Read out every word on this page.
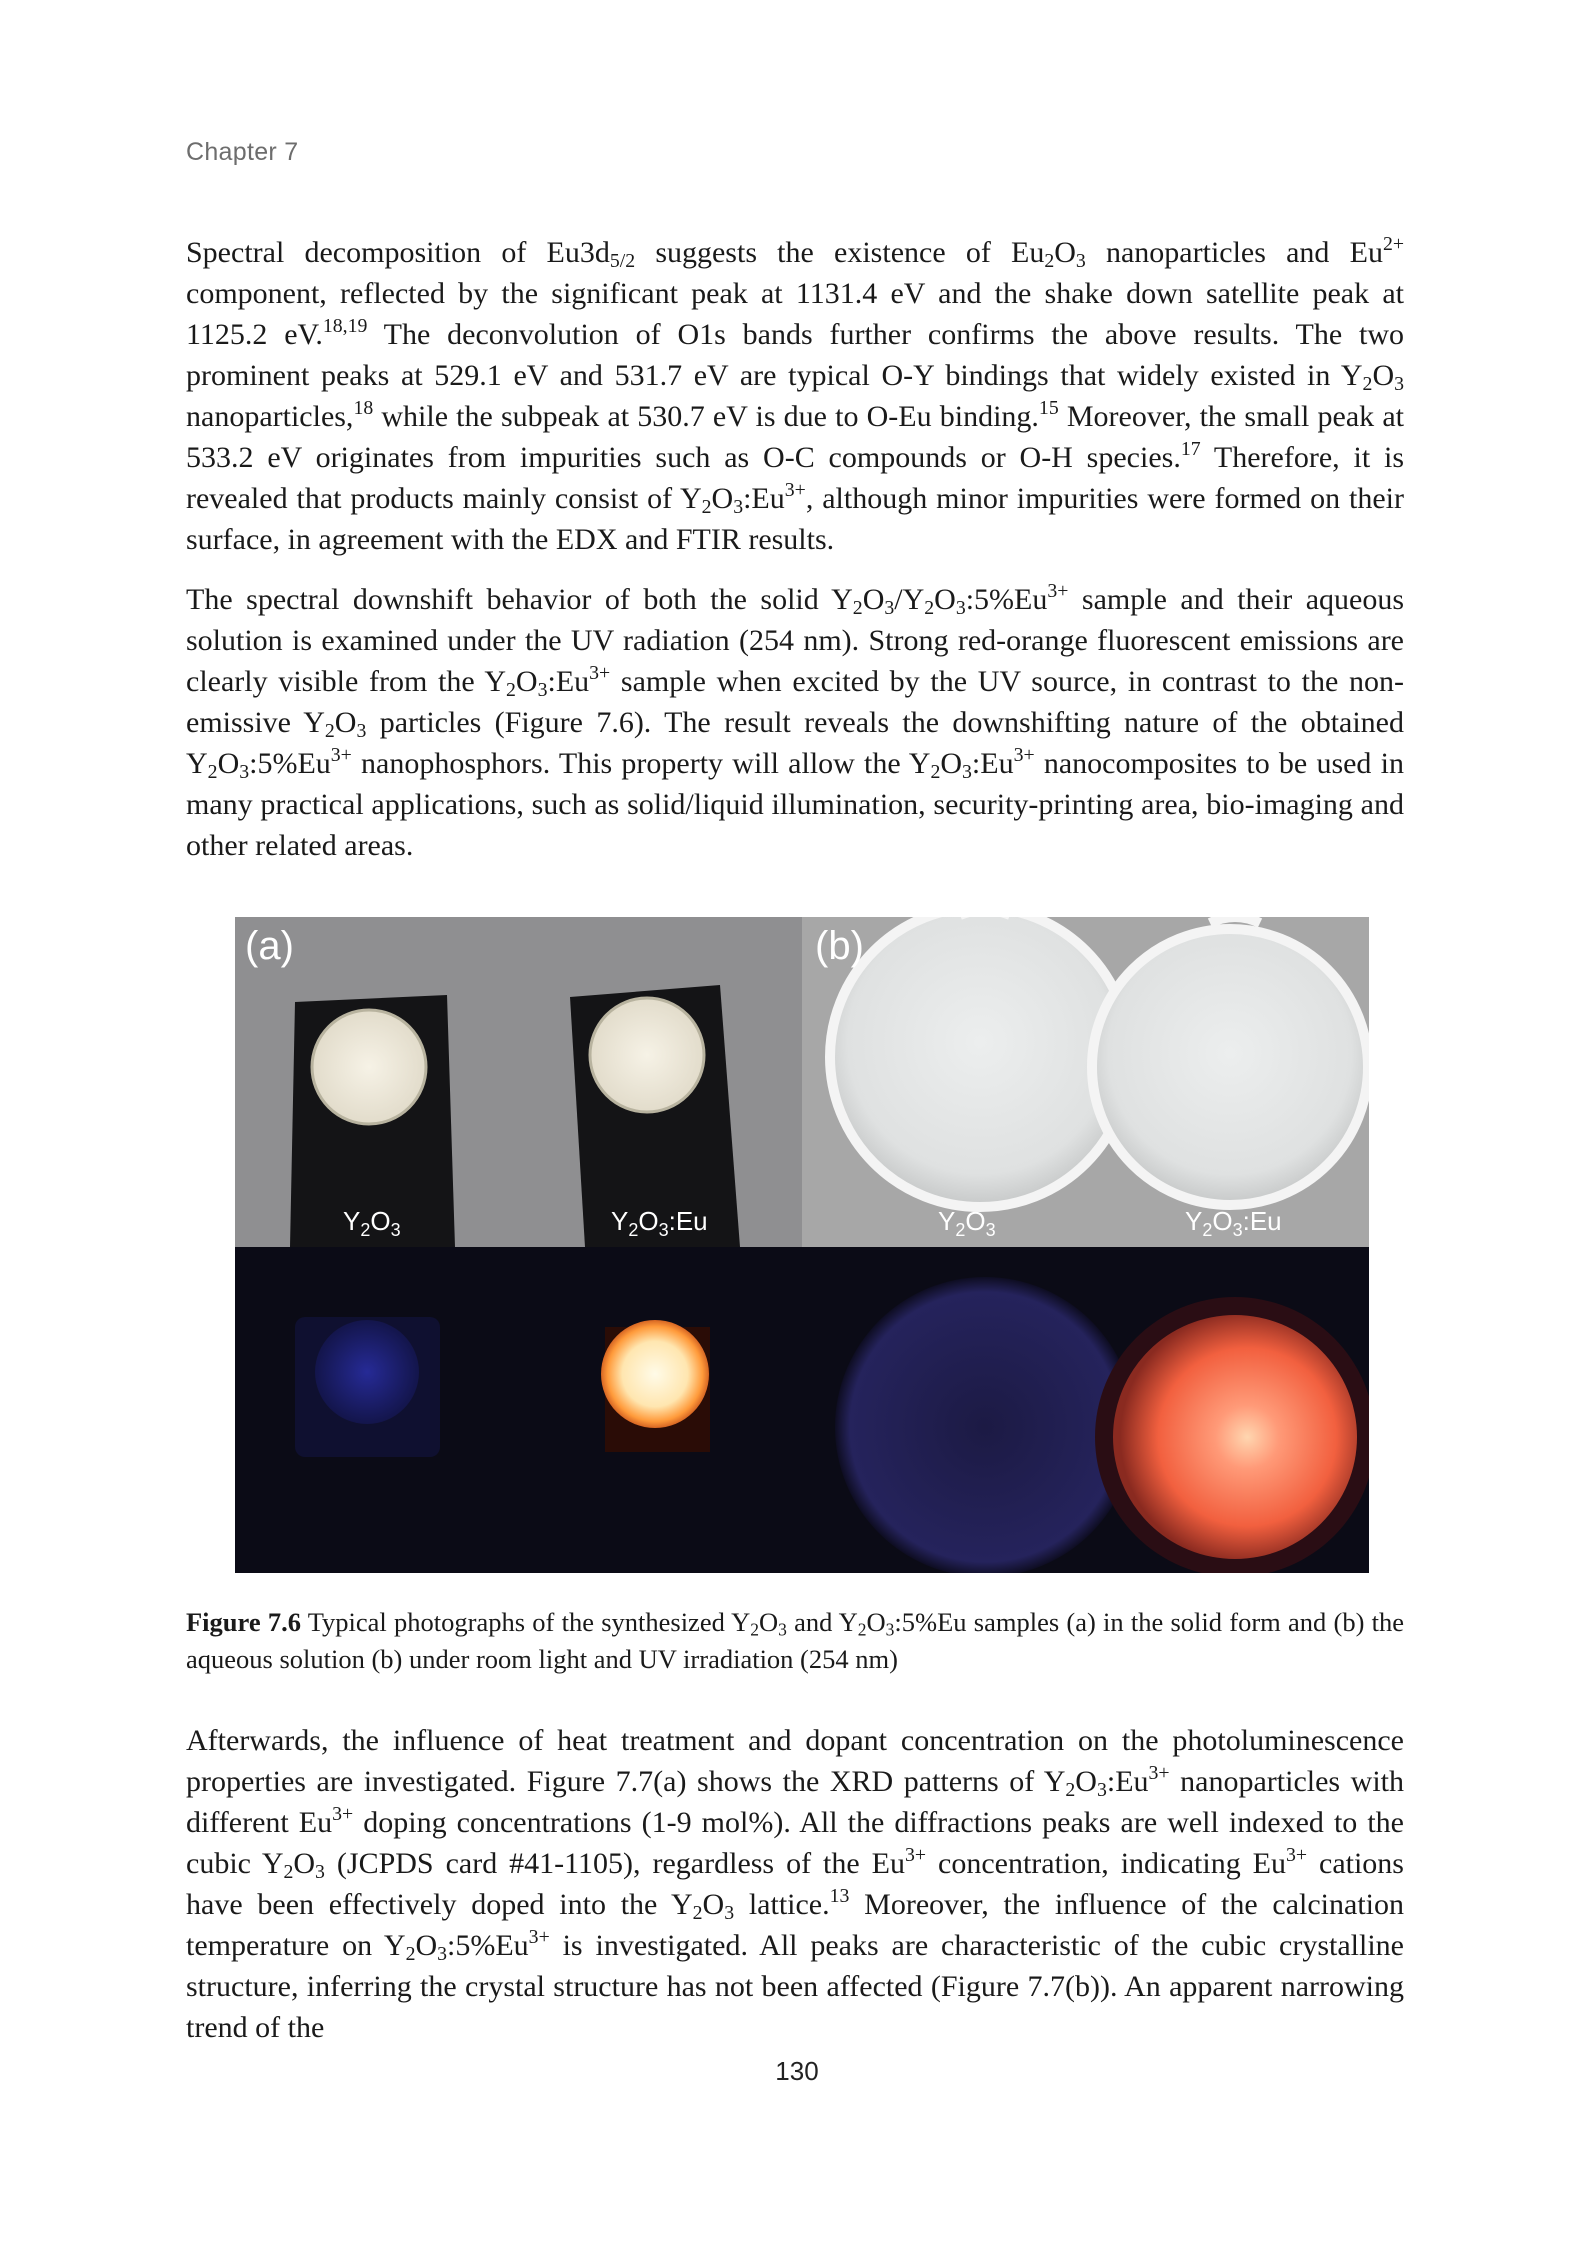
Chapter 7

Spectral decomposition of $Eu3d_{5/2}$ suggests the existence of $Eu_2O_3$ nanoparticles and $Eu^{2+}$ component, reflected by the significant peak at 1131.4 eV and the shake down satellite peak at 1125.2 eV.$^{18,19}$ The deconvolution of O1s bands further confirms the above results. The two prominent peaks at 529.1 eV and 531.7 eV are typical O-Y bindings that widely existed in $Y_2O_3$ nanoparticles,$^{18}$ while the subpeak at 530.7 eV is due to O-Eu binding.$^{15}$ Moreover, the small peak at 533.2 eV originates from impurities such as O-C compounds or O-H species.$^{17}$ Therefore, it is revealed that products mainly consist of $Y_2O_3:Eu^{3+}$, although minor impurities were formed on their surface, in agreement with the EDX and FTIR results.

The spectral downshift behavior of both the solid $Y_2O_3/Y_2O_3:5\%Eu^{3+}$ sample and their aqueous solution is examined under the UV radiation (254 nm). Strong red-orange fluorescent emissions are clearly visible from the $Y_2O_3:Eu^{3+}$ sample when excited by the UV source, in contrast to the non-emissive $Y_2O_3$ particles (Figure 7.6). The result reveals the downshifting nature of the obtained $Y_2O_3:5\%Eu^{3+}$ nanophosphors. This property will allow the $Y_2O_3:Eu^{3+}$ nanocomposites to be used in many practical applications, such as solid/liquid illumination, security-printing area, bio-imaging and other related areas.

(a)	(b)
$Y_2O_3$	$Y_2O_3:Eu$	$Y_2O_3$	$Y_2O_3:Eu$
Figure 7.6 Typical photographs of the synthesized $Y_2O_3$ and $Y_2O_3:5\%Eu$ samples (a) in the solid form and (b) the aqueous solution (b) under room light and UV irradiation (254 nm)

Afterwards, the influence of heat treatment and dopant concentration on the photoluminescence properties are investigated. Figure 7.7(a) shows the XRD patterns of $Y_2O_3:Eu^{3+}$ nanoparticles with different $Eu^{3+}$ doping concentrations (1-9 mol%). All the diffractions peaks are well indexed to the cubic $Y_2O_3$ (JCPDS card #41-1105), regardless of the $Eu^{3+}$ concentration, indicating $Eu^{3+}$ cations have been effectively doped into the $Y_2O_3$ lattice.$^{13}$ Moreover, the influence of the calcination temperature on $Y_2O_3:5\%Eu^{3+}$ is investigated. All peaks are characteristic of the cubic crystalline structure, inferring the crystal structure has not been affected (Figure 7.7(b)). An apparent narrowing trend of the

130
